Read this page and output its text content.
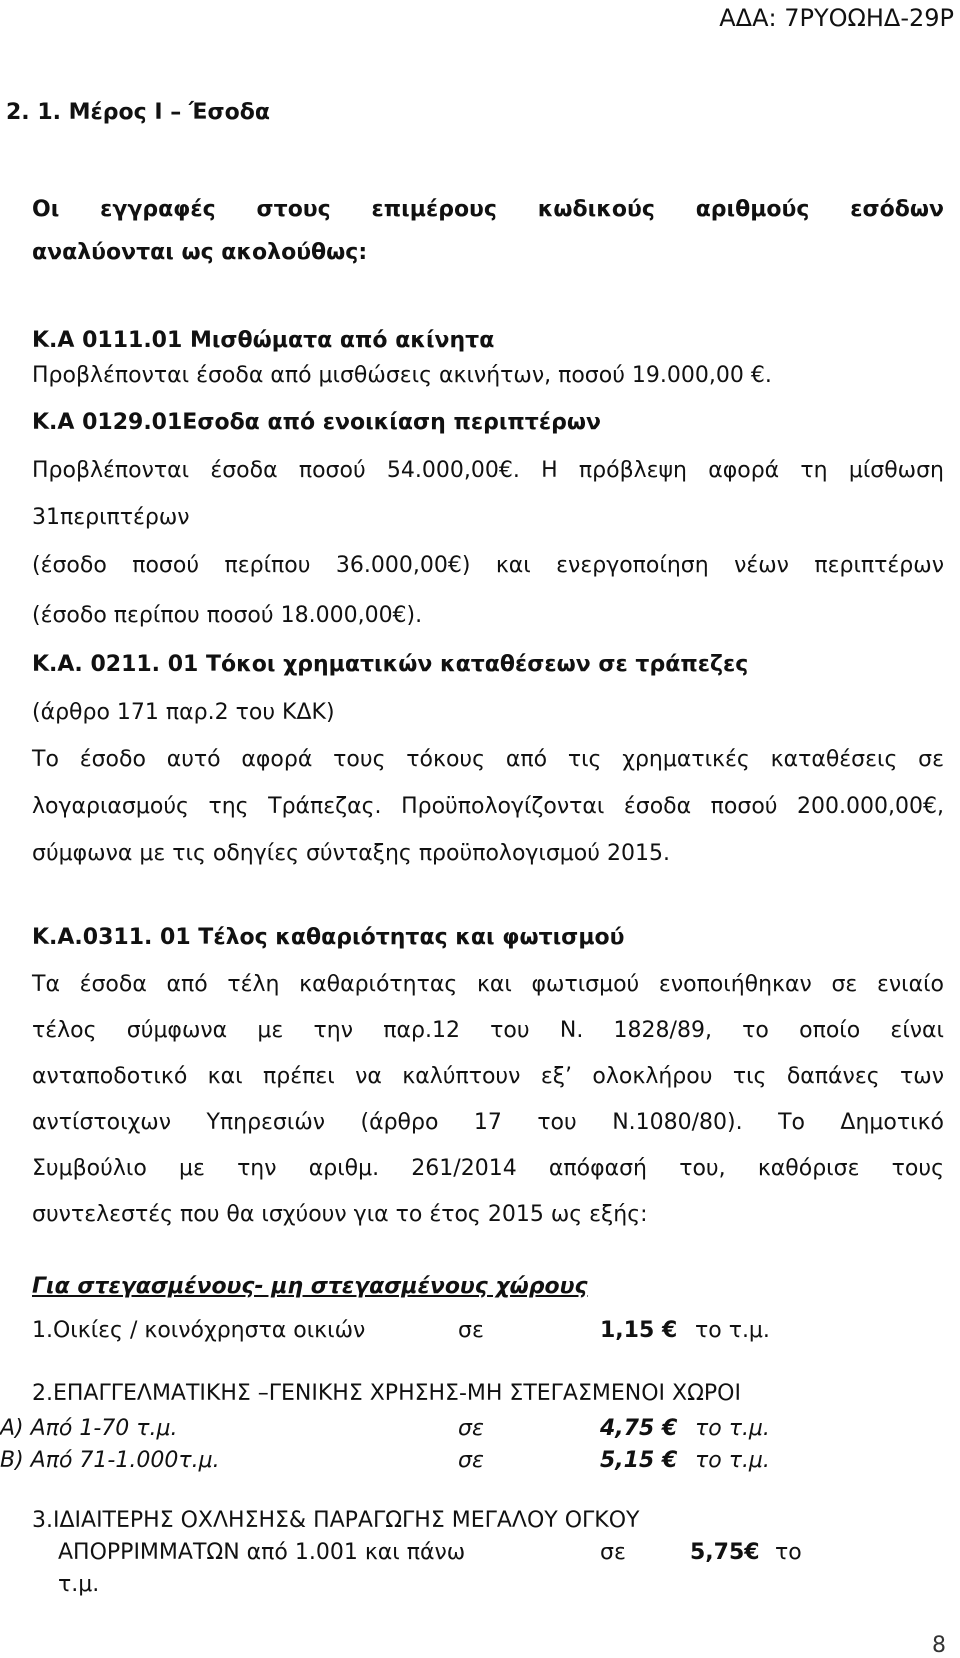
ΑΔΑ: 7ΡΥΟΩΗΔ-29Ρ
2. 1. Μέρος Ι – Έσοδα
Οι εγγραφές στους επιμέρους κωδικούς αριθμούς εσόδων
αναλύονται ως ακολούθως:
Κ.Α 0111.01 Μισθώματα από ακίνητα
Προβλέπονται έσοδα από μισθώσεις ακινήτων, ποσού 19.000,00 €.
Κ.Α 0129.01Εσοδα από ενοικίαση περιπτέρων
Προβλέπονται έσοδα ποσού 54.000,00€. Η πρόβλεψη αφορά τη μίσθωση
31περιπτέρων
(έσοδο ποσού περίπου 36.000,00€) και ενεργοποίηση νέων περιπτέρων
(έσοδο περίπου ποσού 18.000,00€).
Κ.Α. 0211. 01 Τόκοι χρηματικών καταθέσεων σε τράπεζες
(άρθρο 171 παρ.2 του ΚΔΚ)
Το έσοδο αυτό αφορά τους τόκους από τις χρηματικές καταθέσεις σε
λογαριασμούς της Τράπεζας. Προϋπολογίζονται έσοδα ποσού 200.000,00€,
σύμφωνα με τις οδηγίες σύνταξης προϋπολογισμού 2015.
Κ.Α.0311. 01 Τέλος καθαριότητας και φωτισμού
Τα έσοδα από τέλη καθαριότητας και φωτισμού ενοποιήθηκαν σε ενιαίο
τέλος σύμφωνα με την παρ.12 του Ν. 1828/89, το οποίο είναι
ανταποδοτικό και πρέπει να καλύπτουν εξ’ ολοκλήρου τις δαπάνες των
αντίστοιχων Υπηρεσιών (άρθρο 17 του Ν.1080/80). Το Δημοτικό
Συμβούλιο με την αριθμ. 261/2014 απόφασή του, καθόρισε τους
συντελεστές που θα ισχύουν για το έτος 2015 ως εξής:
Για στεγασμένους- μη στεγασμένους χώρους
1.Οικίες / κοινόχρηστα οικιών	σε	1,15 € το τ.μ.
2.ΕΠΑΓΓΕΛΜΑΤΙΚΗΣ –ΓΕΝΙΚΗΣ ΧΡΗΣΗΣ-ΜΗ ΣΤΕΓΑΣΜΕΝΟΙ ΧΩΡΟΙ
Α) Από 1-70 τ.μ.	σε	4,75 € το τ.μ.
Β) Από 71-1.000τ.μ.	σε	5,15 € το τ.μ.
3.ΙΔΙΑΙΤΕΡΗΣ ΟΧΛΗΣΗΣ& ΠΑΡΑΓΩΓΗΣ ΜΕΓΑΛΟΥ ΟΓΚΟΥ
ΑΠΟΡΡΙΜΜΑΤΩΝ από 1.001 και πάνω	σε	5,75€ το
τ.μ.
8
